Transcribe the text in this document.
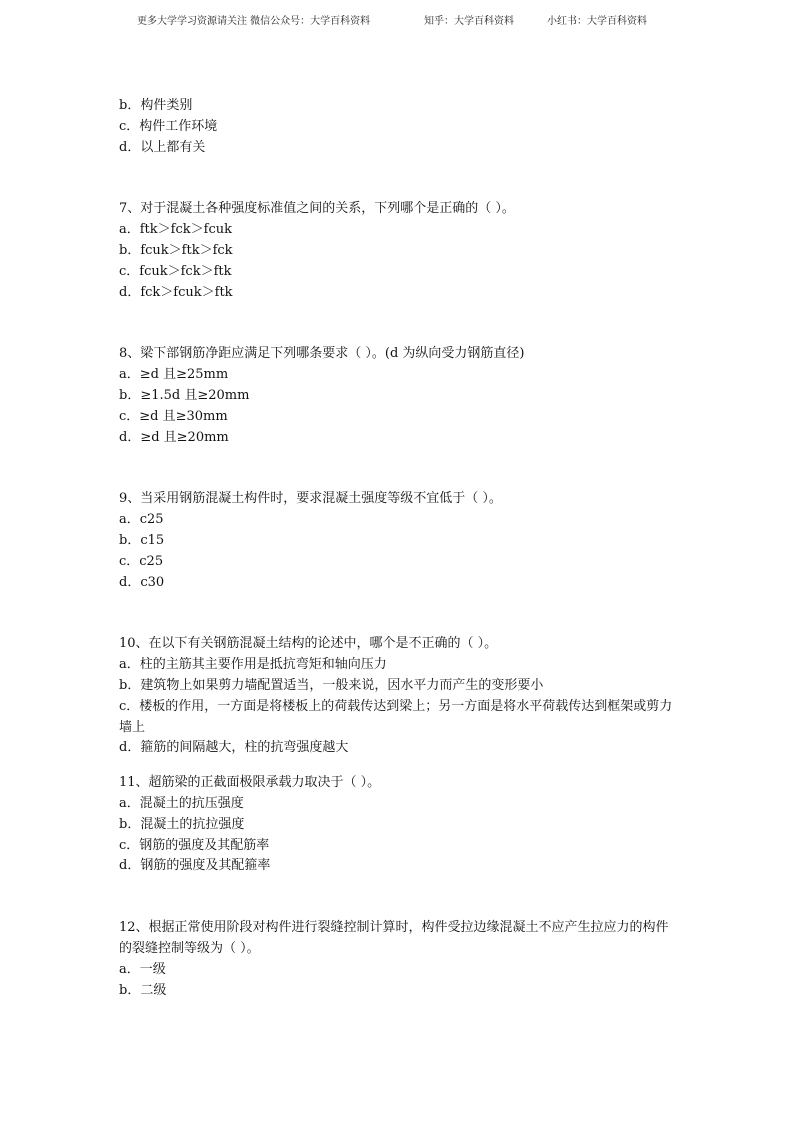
更多大学学习资源请关注 微信公众号：大学百科资料	知乎：大学百科资料	小红书：大学百科资料
b．构件类别
c．构件工作环境
d．以上都有关
7、对于混凝土各种强度标准值之间的关系，下列哪个是正确的（ ）。
a．ftk＞fck＞fcuk
b．fcuk＞ftk＞fck
c．fcuk＞fck＞ftk
d．fck＞fcuk＞ftk
8、梁下部钢筋净距应满足下列哪条要求（ ）。(d 为纵向受力钢筋直径)
a．≥d 且≥25mm
b．≥1.5d 且≥20mm
c．≥d 且≥30mm
d．≥d 且≥20mm
9、当采用钢筋混凝土构件时，要求混凝土强度等级不宜低于（ ）。
a．c25
b．c15
c．c25
d．c30
10、在以下有关钢筋混凝土结构的论述中，哪个是不正确的（ ）。
a．柱的主筋其主要作用是抵抗弯矩和轴向压力
b．建筑物上如果剪力墙配置适当，一般来说，因水平力而产生的变形要小
c．楼板的作用，一方面是将楼板上的荷载传达到梁上；另一方面是将水平荷载传达到框架或剪力墙上
d．箍筋的间隔越大，柱的抗弯强度越大
11、超筋梁的正截面极限承载力取决于（ ）。
a．混凝土的抗压强度
b．混凝土的抗拉强度
c．钢筋的强度及其配筋率
d．钢筋的强度及其配箍率
12、根据正常使用阶段对构件进行裂缝控制计算时，构件受拉边缘混凝土不应产生拉应力的构件的裂缝控制等级为（ ）。
a．一级
b．二级
